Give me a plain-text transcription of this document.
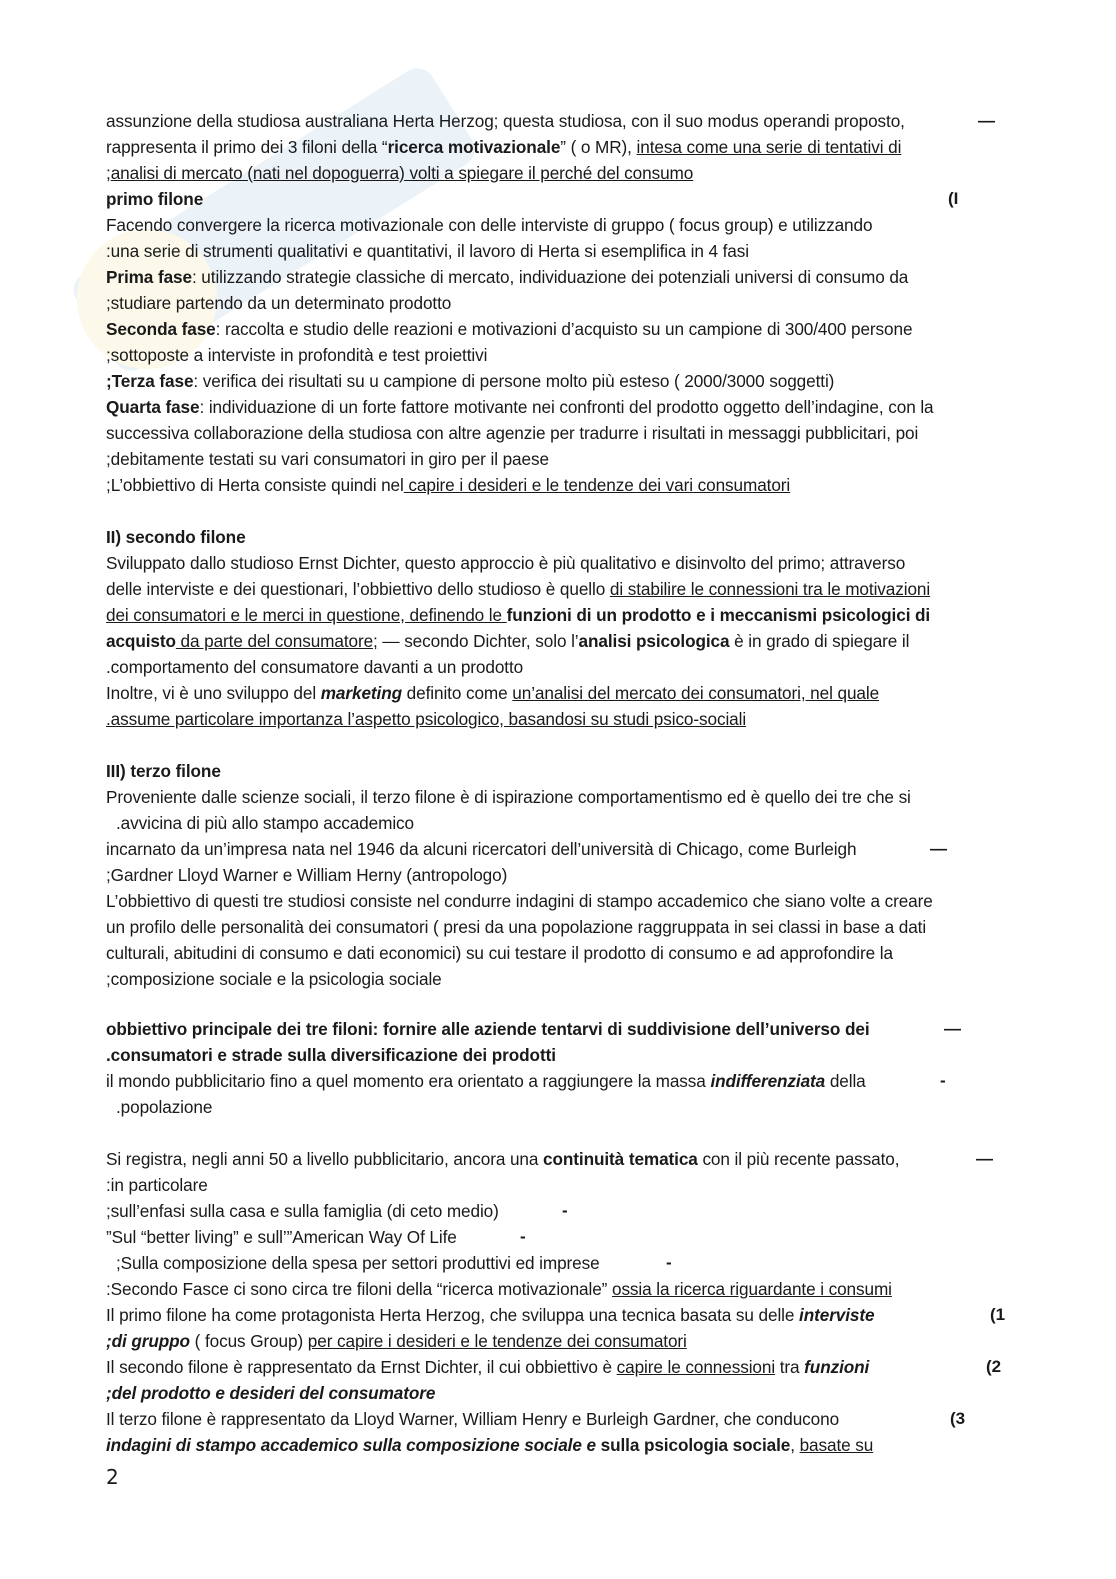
assunzione della studiosa australiana Herta Herzog; questa studiosa, con il suo modus operandi proposto,	—
rappresenta il primo dei 3 filoni della “ricerca motivazionale” ( o MR), intesa come una serie di tentativi di
;analisi di mercato (nati nel dopoguerra) volti a spiegare il perché del consumo
primo filone	(I
Facendo convergere la ricerca motivazionale con delle interviste di gruppo ( focus group) e utilizzando
:una serie di strumenti qualitativi e quantitativi, il lavoro di Herta si esemplifica in 4 fasi
Prima fase: utilizzando strategie classiche di mercato, individuazione dei potenziali universi di consumo da
;studiare partendo da un determinato prodotto
Seconda fase: raccolta e studio delle reazioni e motivazioni d’acquisto su un campione di 300/400 persone
;sottoposte a interviste in profondità e test proiettivi
;Terza fase: verifica dei risultati su u campione di persone molto più esteso ( 2000/3000 soggetti)
Quarta fase: individuazione di un forte fattore motivante nei confronti del prodotto oggetto dell’indagine, con la
successiva collaborazione della studiosa con altre agenzie per tradurre i risultati in messaggi pubblicitari, poi
;debitamente testati su vari consumatori in giro per il paese
;L’obbiettivo di Herta consiste quindi nel capire i desideri e le tendenze dei vari consumatori
II) secondo filone
Sviluppato dallo studioso Ernst Dichter, questo approccio è più qualitativo e disinvolto del primo; attraverso
delle interviste e dei questionari, l’obbiettivo dello studioso è quello di stabilire le connessioni tra le motivazioni
dei consumatori e le merci in questione, definendo le funzioni di un prodotto e i meccanismi psicologici di
acquisto da parte del consumatore; — secondo Dichter, solo l’analisi psicologica è in grado di spiegare il
.comportamento del consumatore davanti a un prodotto
Inoltre, vi è uno sviluppo del marketing definito come un’analisi del mercato dei consumatori, nel quale
.assume particolare importanza l’aspetto psicologico, basandosi su studi psico-sociali
III) terzo filone
Proveniente dalle scienze sociali, il terzo filone è di ispirazione comportamentismo ed è quello dei tre che si
.avvicina di più allo stampo accademico
incarnato da un’impresa nata nel 1946 da alcuni ricercatori dell’università di Chicago, come Burleigh	—
;Gardner Lloyd Warner e William Herny (antropologo)
L’obbiettivo di questi tre studiosi consiste nel condurre indagini di stampo accademico che siano volte a creare
un profilo delle personalità dei consumatori ( presi da una popolazione raggruppata in sei classi in base a dati
culturali, abitudini di consumo e dati economici) su cui testare il prodotto di consumo e ad approfondire la
;composizione sociale e la psicologia sociale
obbiettivo principale dei tre filoni: fornire alle aziende tentarvi di suddivisione dell’universo dei	—
.consumatori e strade sulla diversificazione dei prodotti
il mondo pubblicitario fino a quel momento era orientato a raggiungere la massa indifferenziata della	-
.popolazione
Si registra, negli anni 50 a livello pubblicitario, ancora una continuità tematica con il più recente passato,	—
:in particolare
;sull’enfasi sulla casa e sulla famiglia (di ceto medio)	-
”Sul “better living” e sull’”American Way Of Life	-
;Sulla composizione della spesa per settori produttivi ed imprese	-
:Secondo Fasce ci sono circa tre filoni della “ricerca motivazionale” ossia la ricerca riguardante i consumi
Il primo filone ha come protagonista Herta Herzog, che sviluppa una tecnica basata su delle interviste	(1
;di gruppo ( focus Group) per capire i desideri e le tendenze dei consumatori
Il secondo filone è rappresentato da Ernst Dichter, il cui obbiettivo è capire le connessioni tra funzioni	(2
;del prodotto e desideri del consumatore
Il terzo filone è rappresentato da Lloyd Warner, William Henry e Burleigh Gardner, che conducono	(3
indagini di stampo accademico sulla composizione sociale e sulla psicologia sociale, basate su
2
